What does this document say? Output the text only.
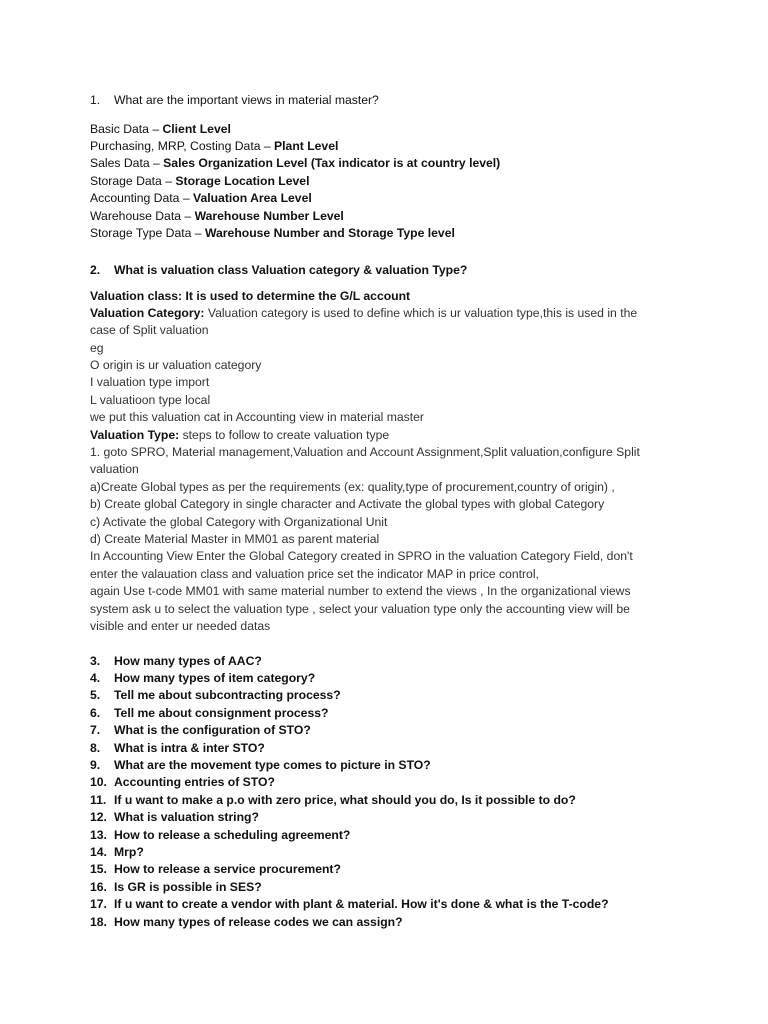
1. What are the important views in material master?
Basic Data – Client Level
Purchasing, MRP, Costing Data – Plant Level
Sales Data – Sales Organization Level (Tax indicator is at country level)
Storage Data – Storage Location Level
Accounting Data – Valuation Area Level
Warehouse Data – Warehouse Number Level
Storage Type Data – Warehouse Number and Storage Type level
2. What is valuation class Valuation category & valuation Type?
Valuation class: It is used to determine the G/L account
Valuation Category: Valuation category is used to define which is ur valuation type,this is used in the
case of Split valuation
eg
O origin is ur valuation category
I valuation type import
L valuatioon type local
we put this valuation cat in Accounting view in material master
Valuation Type: steps to follow to create valuation type
1. goto SPRO, Material management,Valuation and Account Assignment,Split valuation,configure Split
valuation
a)Create Global types as per the requirements (ex: quality,type of procurement,country of origin) ,
b) Create global Category in single character and Activate the global types with global Category
c) Activate the global Category with Organizational Unit
d) Create Material Master in MM01 as parent material
In Accounting View Enter the Global Category created in SPRO in the valuation Category Field, don't
enter the valauation class and valuation price set the indicator MAP in price control,
again Use t-code MM01 with same material number to extend the views , In the organizational views
system ask u to select the valuation type , select your valuation type only the accounting view will be
visible and enter ur needed datas
3. How many types of AAC?
4. How many types of item category?
5. Tell me about subcontracting process?
6. Tell me about consignment process?
7. What is the configuration of STO?
8. What is intra & inter STO?
9. What are the movement type comes to picture in STO?
10. Accounting entries of STO?
11. If u want to make a p.o with zero price, what should you do, Is it possible to do?
12. What is valuation string?
13. How to release a scheduling agreement?
14. Mrp?
15. How to release a service procurement?
16. Is GR is possible in SES?
17. If u want to create a vendor with plant & material. How it's done & what is the T-code?
18. How many types of release codes we can assign?
